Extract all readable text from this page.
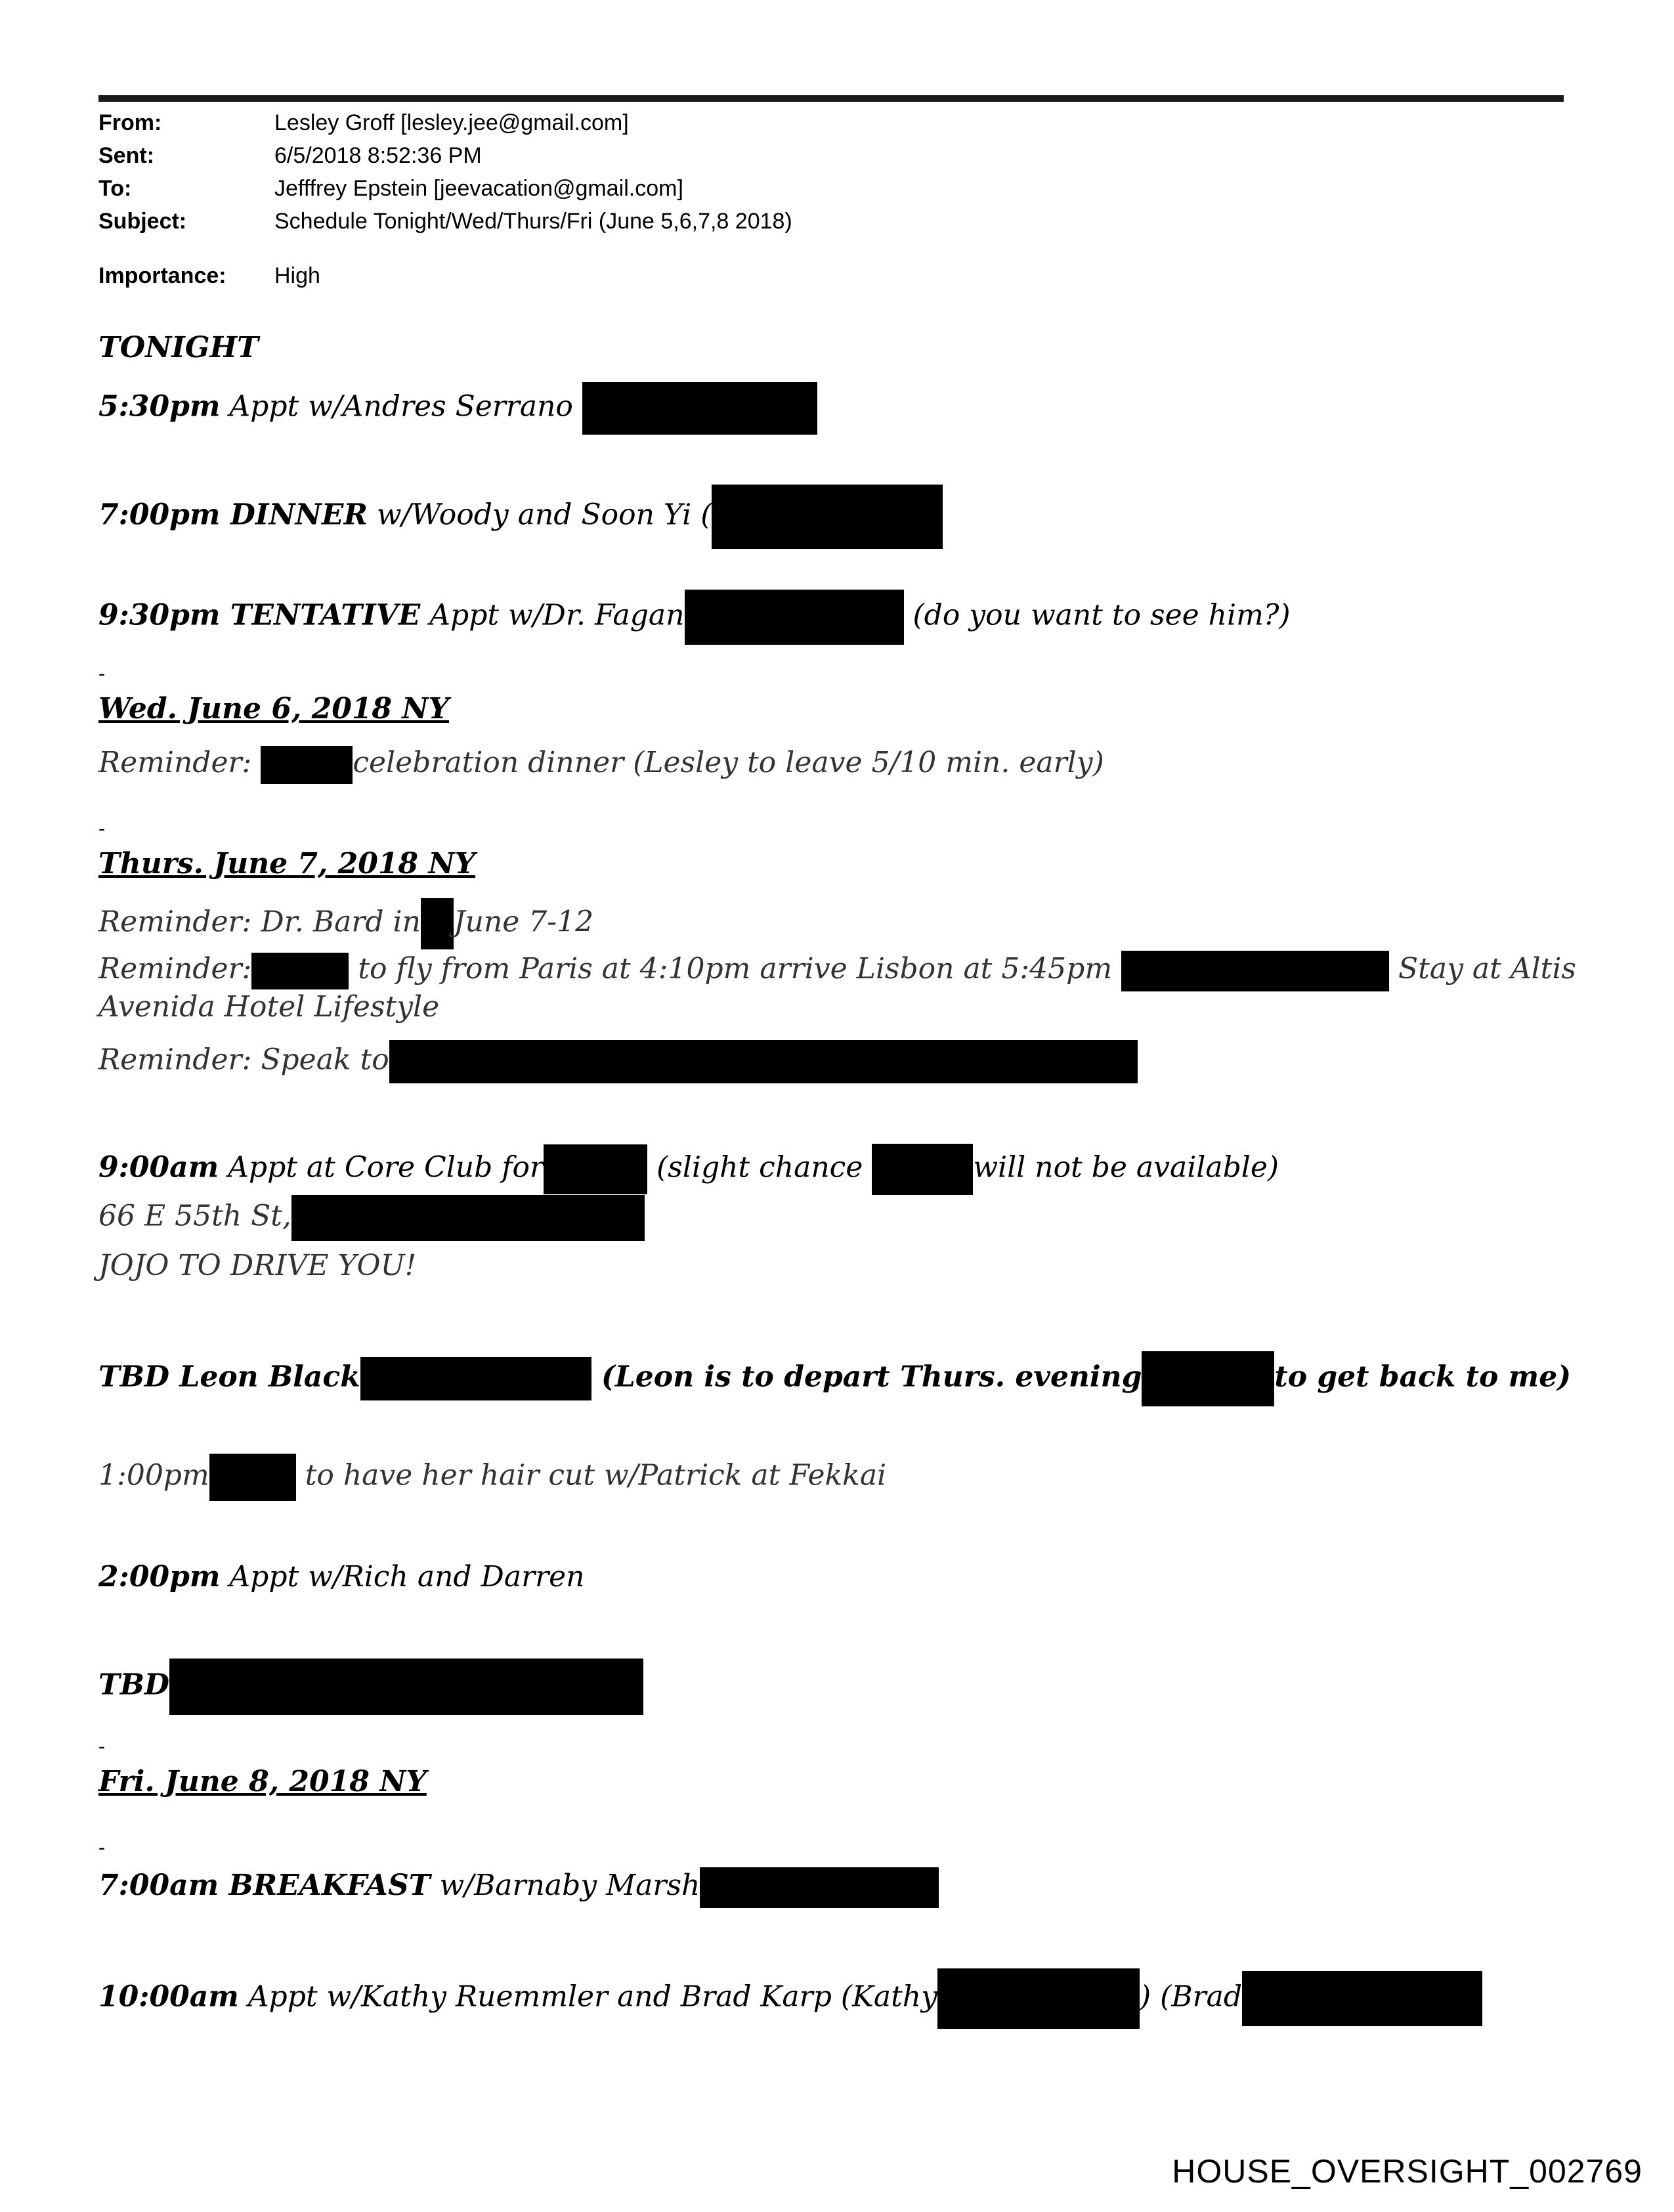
From:	Lesley Groff [lesley.jee@gmail.com]
Sent:	6/5/2018 8:52:36 PM
To:	Jefffrey Epstein [jeevacation@gmail.com]
Subject:	Schedule Tonight/Wed/Thurs/Fri (June 5,6,7,8 2018)
Importance: High
TONIGHT
5:30pm Appt w/Andres Serrano
7:00pm DINNER w/Woody and Soon Yi (
9:30pm TENTATIVE Appt w/Dr. Fagan	(do you want to see him?)
-
Wed. June 6, 2018 NY
Reminder:	celebration dinner (Lesley to leave 5/10 min. early)
-
Thurs. June 7, 2018 NY
Reminder: Dr. Bard in June 7-12
Reminder:	to fly from Paris at 4:10pm arrive Lisbon at 5:45pm	Stay at Altis
Avenida Hotel Lifestyle
Reminder: Speak to
9:00am Appt at Core Club for	(slight chance	will not be available)
66 E 55th St,
JOJO TO DRIVE YOU!
TBD Leon Black	(Leon is to depart Thurs. evening	to get back to me)
1:00pm	to have her hair cut w/Patrick at Fekkai
2:00pm Appt w/Rich and Darren
TBD
-
Fri. June 8, 2018 NY
-
7:00am BREAKFAST w/Barnaby Marsh
10:00am Appt w/Kathy Ruemmler and Brad Karp (Kathy	) (Brad
HOUSE_OVERSIGHT_002769
